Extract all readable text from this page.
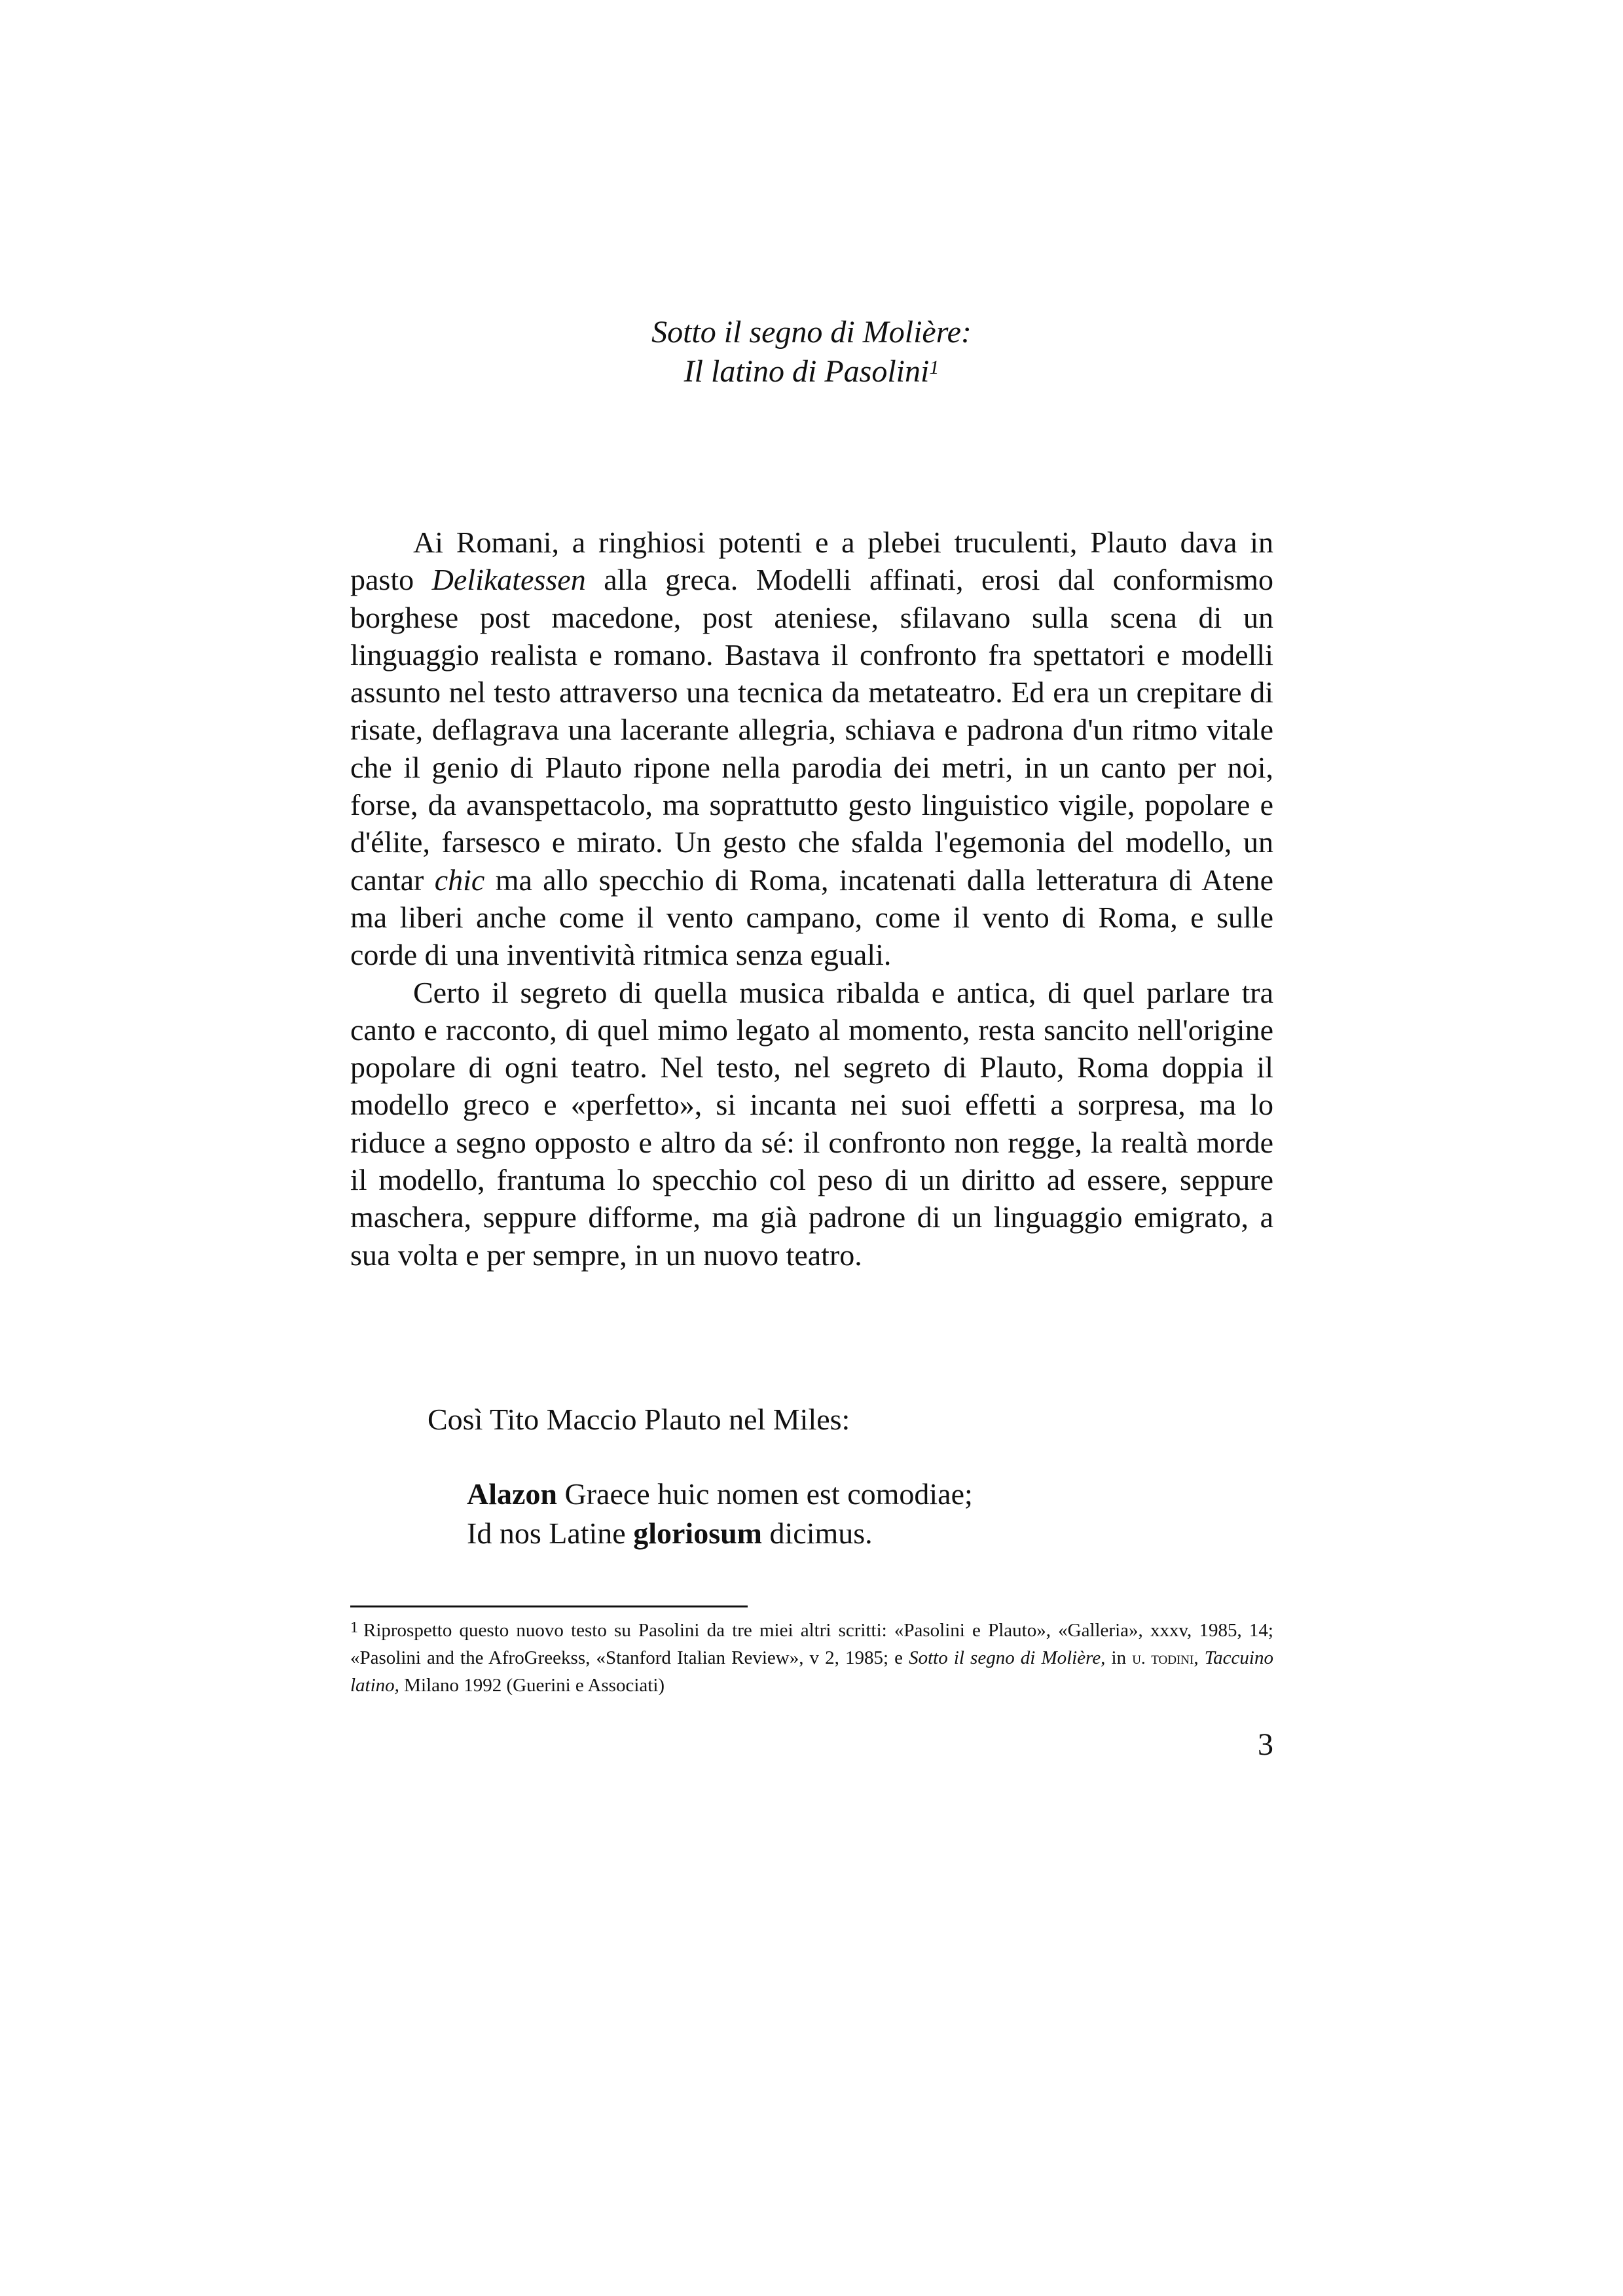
Sotto il segno di Molière:
Il latino di Pasolini$^1$

Ai Romani, a ringhiosi potenti e a plebei truculenti, Plauto dava in pasto Delikatessen alla greca. Modelli affinati, erosi dal conformismo borghese post macedone, post ateniese, sfilavano sulla scena di un linguaggio realista e romano. Bastava il confronto fra spettatori e modelli assunto nel testo attraverso una tecnica da metateatro. Ed era un crepitare di risate, deflagrava una lacerante allegria, schiava e padrona d'un ritmo vitale che il genio di Plauto ripone nella parodia dei metri, in un canto per noi, forse, da avanspettacolo, ma soprattutto gesto linguistico vigile, popolare e d'élite, farsesco e mirato. Un gesto che sfalda l'egemonia del modello, un cantar chic ma allo specchio di Roma, incatenati dalla letteratura di Atene ma liberi anche come il vento campano, come il vento di Roma, e sulle corde di una inventività ritmica senza eguali.

Certo il segreto di quella musica ribalda e antica, di quel parlare tra canto e racconto, di quel mimo legato al momento, resta sancito nell'origine popolare di ogni teatro. Nel testo, nel segreto di Plauto, Roma doppia il modello greco e «perfetto», si incanta nei suoi effetti a sorpresa, ma lo riduce a segno opposto e altro da sé: il confronto non regge, la realtà morde il modello, frantuma lo specchio col peso di un diritto ad essere, seppure maschera, seppure difforme, ma già padrone di un linguaggio emigrato, a sua volta e per sempre, in un nuovo teatro.

Così Tito Maccio Plauto nel Miles:
Alazon Graece huic nomen est comodiae;
Id nos Latine gloriosum dicimus.
$^1$ Riprospetto questo nuovo testo su Pasolini da tre miei altri scritti: «Pasolini e Plauto», «Galleria», xxxv, 1985, 14; «Pasolini and the AfroGreekss, «Stanford Italian Review», v 2, 1985; e Sotto il segno di Molière, in u. todini, Taccuino latino, Milano 1992 (Guerini e Associati)
3
